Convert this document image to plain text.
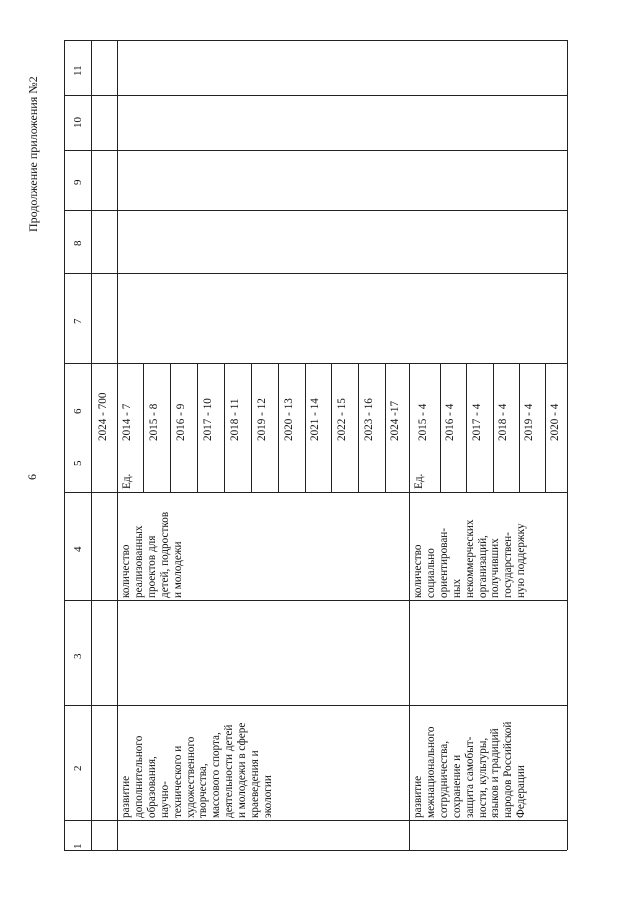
6
Продолжение приложения №2
1
2
3
4
5
6
7
8
9
10
11
2024 - 700
развитие дополнительного образования, научно- технического и художественного творчества, массового спорта, деятельности детей и молодежи в сфере краеведения и экологии
количество реализованных проектов для детей, подростков и молодежи
Ед.
2014 - 7 2015 - 8 2016 - 9 2017 - 10 2018 - 11 2019 - 12 2020 - 13 2021 - 14 2022 - 15 2023 - 16 2024 -17
развитие межнационального сотрудничества, сохранение и защита самобыт- ности, культуры, языков и традиций народов Российской Федерации
количество социально ориентирован- ных некоммерческих организаций, получивших государствен- ную поддержку
Ед.
2015 - 4 2016 - 4 2017 - 4 2018 - 4 2019 - 4 2020 - 4
